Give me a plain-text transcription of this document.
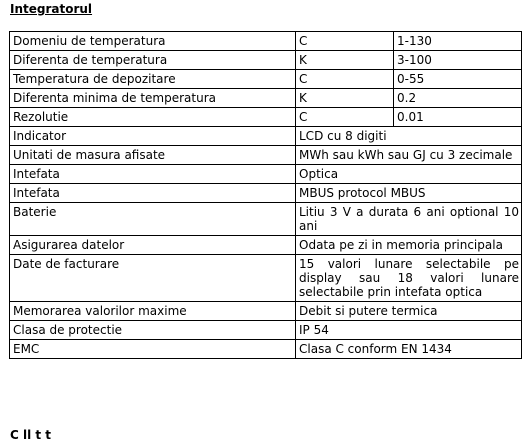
Integratorul
Domeniu de temperatura	C	1-130
Diferenta de temperatura	K	3-100
Temperatura de depozitare	C	0-55
Diferenta minima de temperatura	K	0.2
Rezolutie	C	0.01
Indicator	LCD cu 8 digiti	
Unitati de masura afisate	MWh sau kWh sau GJ cu 3 zecimale	
Intefata	Optica	
Intefata	MBUS protocol MBUS	
Baterie	Litiu 3 V a durata 6 ani optional 10 ani	
Asigurarea datelor	Odata pe zi in memoria principala	
Date de facturare	15 valori lunare selectabile pe display sau 18 valori lunare selectabile prin intefata optica	
Memorarea valorilor maxime	Debit si putere termica	
Clasa de protectie	IP 54	
EMC	Clasa C conform EN 1434	
C ll t t
